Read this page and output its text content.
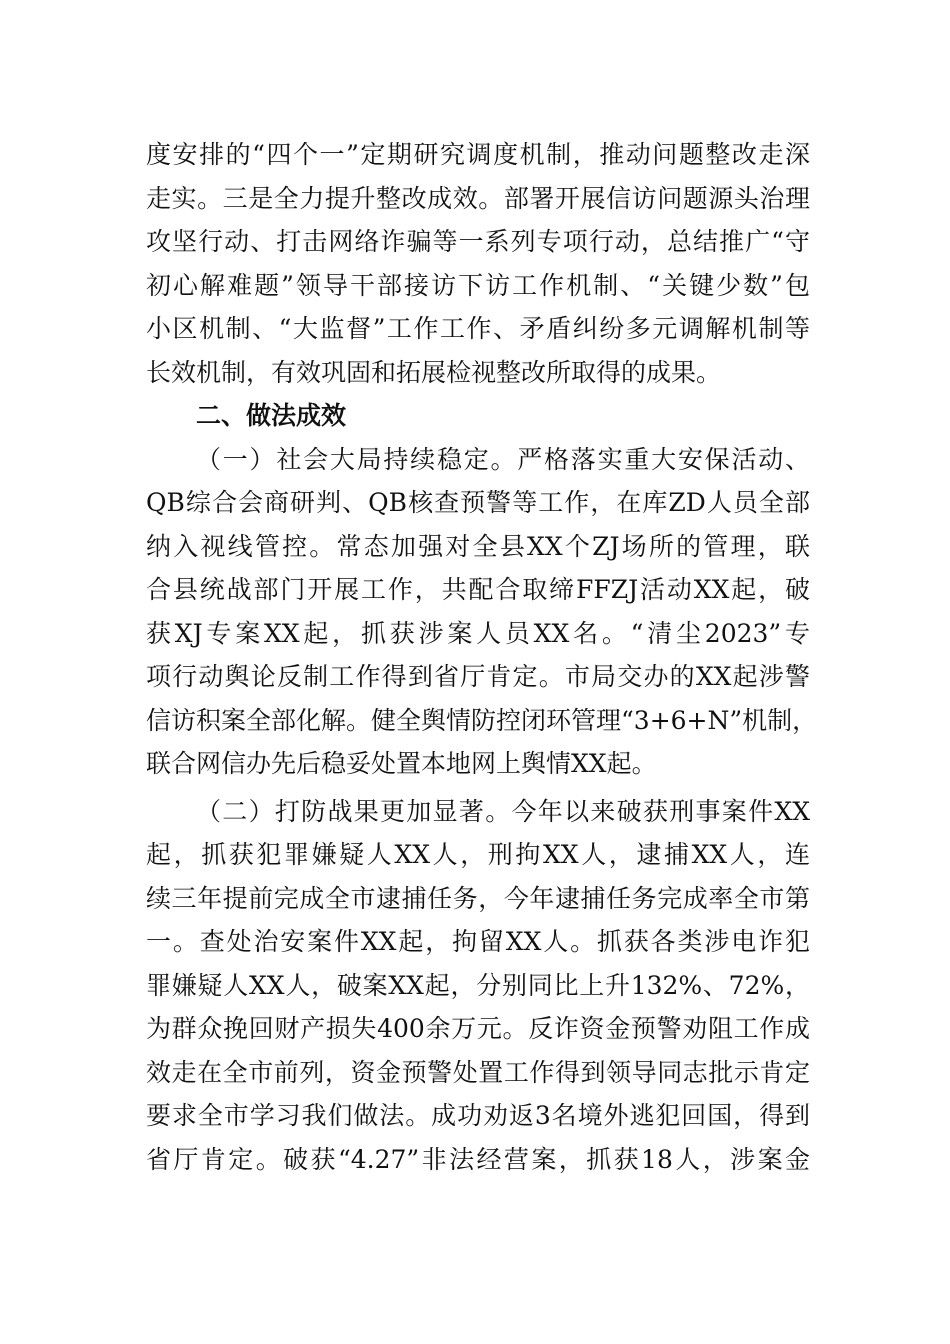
度安排的“四个一”定期研究调度机制，推动问题整改走深
走实。三是全力提升整改成效。部署开展信访问题源头治理
攻坚行动、打击网络诈骗等一系列专项行动，总结推广“守
初心解难题”领导干部接访下访工作机制、“关键少数”包
小区机制、“大监督”工作工作、矛盾纠纷多元调解机制等
长效机制，有效巩固和拓展检视整改所取得的成果。
二、做法成效
（一）社会大局持续稳定。严格落实重大安保活动、
QB综合会商研判、QB核查预警等工作，在库ZD人员全部
纳入视线管控。常态加强对全县XX个ZJ场所的管理，联
合县统战部门开展工作，共配合取缔FFZJ活动XX起，破
获XJ专案XX起，抓获涉案人员XX名。“清尘2023”专
项行动舆论反制工作得到省厅肯定。市局交办的XX起涉警
信访积案全部化解。健全舆情防控闭环管理“3+6+N”机制，
联合网信办先后稳妥处置本地网上舆情XX起。
（二）打防战果更加显著。今年以来破获刑事案件XX
起，抓获犯罪嫌疑人XX人，刑拘XX人，逮捕XX人，连
续三年提前完成全市逮捕任务，今年逮捕任务完成率全市第
一。查处治安案件XX起，拘留XX人。抓获各类涉电诈犯
罪嫌疑人XX人，破案XX起，分别同比上升132%、72%，
为群众挽回财产损失400余万元。反诈资金预警劝阻工作成
效走在全市前列，资金预警处置工作得到领导同志批示肯定
要求全市学习我们做法。成功劝返3名境外逃犯回国，得到
省厅肯定。破获“4.27”非法经营案，抓获18人，涉案金
